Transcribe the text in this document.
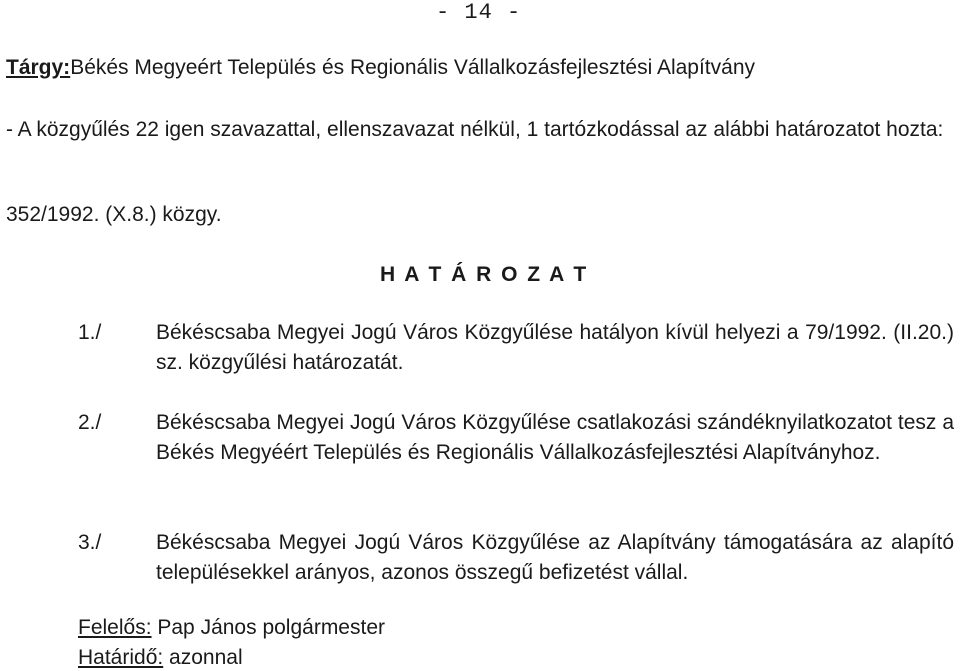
- 14 -
Tárgy:Békés Megyeért Település és Regionális Vállalkozásfejlesztési Alapítvány
- A közgyűlés 22 igen szavazattal, ellenszavazat nélkül, 1 tartózkodással az alábbi határozatot hozta:
352/1992. (X.8.) közgy.
H A T Á R O Z A T
1./	Békéscsaba Megyei Jogú Város Közgyűlése hatályon kívül helyezi a 79/1992. (II.20.) sz. közgyűlési határozatát.
2./	Békéscsaba Megyei Jogú Város Közgyűlése csatlakozási szándéknyilatkozatot tesz a Békés Megyéért Település és Regionális Vállalkozásfejlesztési Alapítványhoz.
3./	Békéscsaba Megyei Jogú Város Közgyűlése az Alapítvány támogatására az alapító településekkel arányos, azonos összegű befizetést vállal.
Felelős: Pap János polgármester
Határidő: azonnal
